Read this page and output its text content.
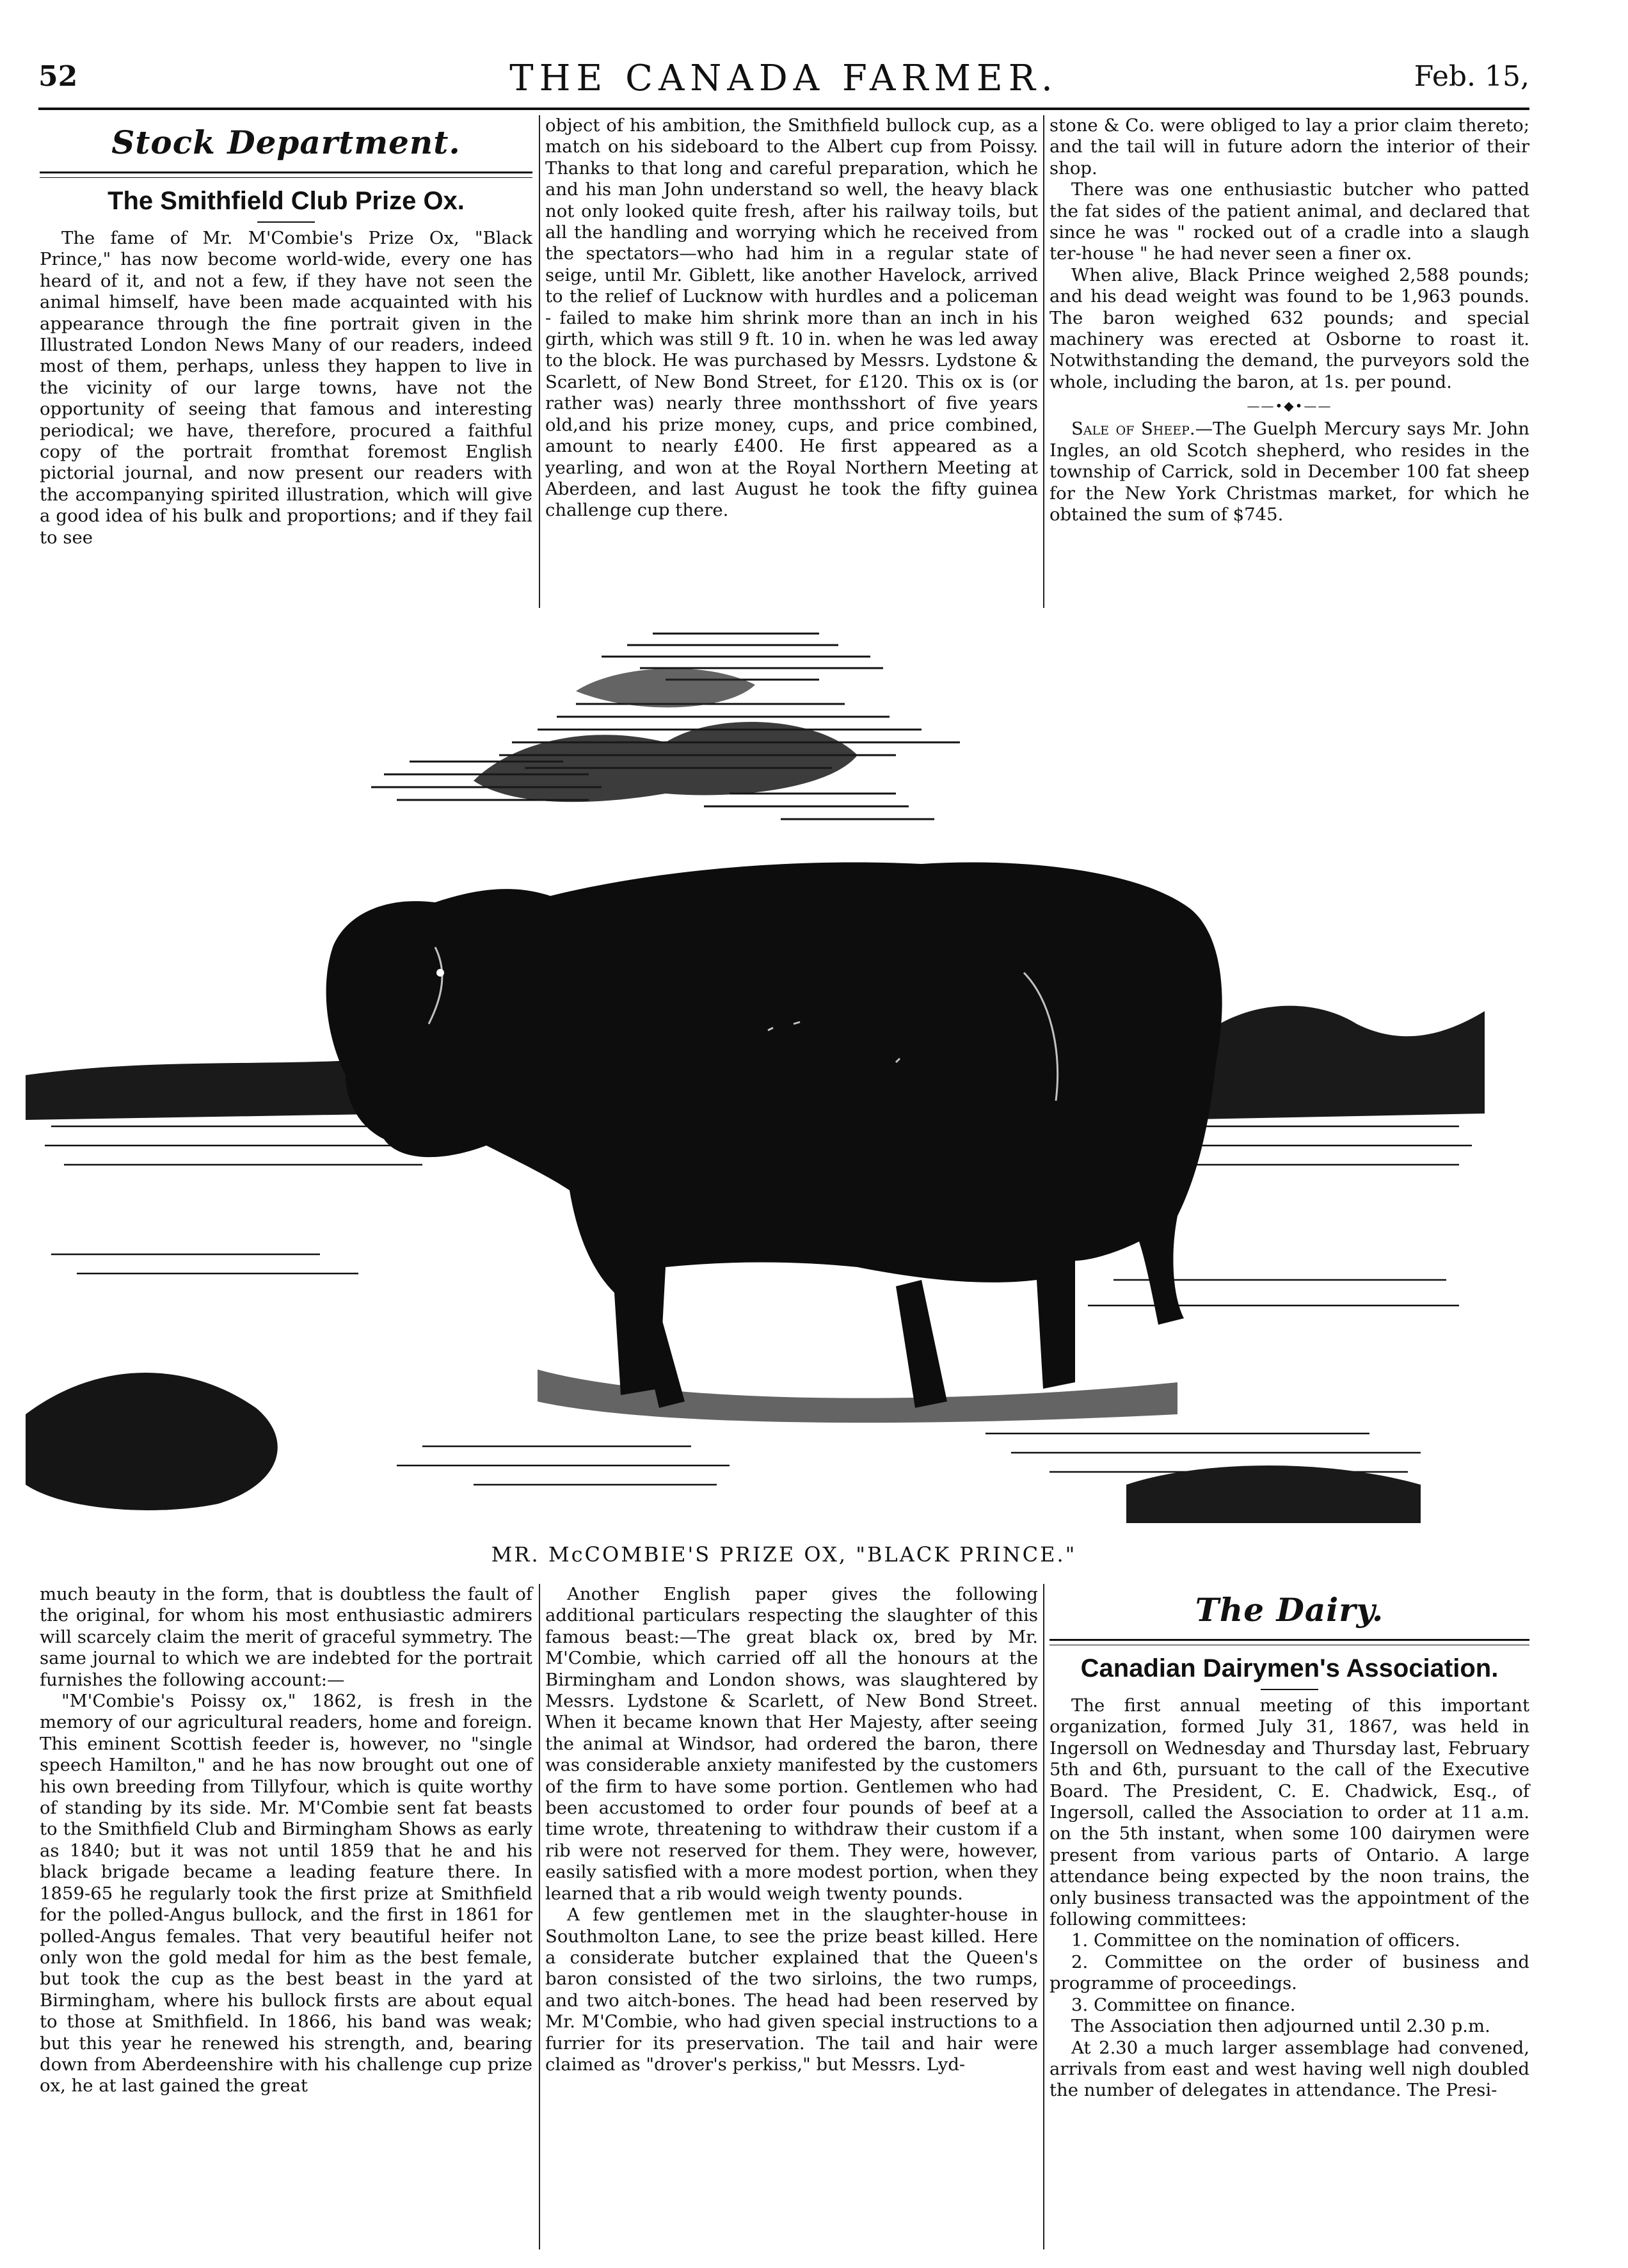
52	THE CANADA FARMER.	Feb. 15,
Stock Department.
The Smithfield Club Prize Ox.

The fame of Mr. M'Combie's Prize Ox, "Black Prince," has now become world-wide, every one has heard of it, and not a few, if they have not seen the animal himself, have been made acquainted with his appearance through the fine portrait given in the Illustrated London News Many of our readers, indeed most of them, perhaps, unless they happen to live in the vicinity of our large towns, have not the opportunity of seeing that famous and interesting periodical; we have, therefore, procured a faithful copy of the portrait fromthat foremost English pictorial journal, and now present our readers with the accompanying spirited illustration, which will give a good idea of his bulk and proportions; and if they fail to see

object of his ambition, the Smithfield bullock cup, as a match on his sideboard to the Albert cup from Poissy. Thanks to that long and careful preparation, which he and his man John understand so well, the heavy black not only looked quite fresh, after his railway toils, but all the handling and worrying which he received from the spectators—who had him in a regular state of seige, until Mr. Giblett, like another Havelock, arrived to the relief of Lucknow with hurdles and a policeman - failed to make him shrink more than an inch in his girth, which was still 9 ft. 10 in. when he was led away to the block. He was purchased by Messrs. Lydstone & Scarlett, of New Bond Street, for £120. This ox is (or rather was) nearly three monthsshort of five years old,and his prize money, cups, and price combined, amount to nearly £400. He first appeared as a yearling, and won at the Royal Northern Meeting at Aberdeen, and last August he took the fifty guinea challenge cup there.

stone & Co. were obliged to lay a prior claim thereto; and the tail will in future adorn the interior of their shop.

There was one enthusiastic butcher who patted the fat sides of the patient animal, and declared that since he was " rocked out of a cradle into a slaugh ter-house " he had never seen a finer ox.

When alive, Black Prince weighed 2,588 pounds; and his dead weight was found to be 1,963 pounds. The baron weighed 632 pounds; and special machinery was erected at Osborne to roast it. Notwithstanding the demand, the purveyors sold the whole, including the baron, at 1s. per pound.

——•◆•——

Sale of Sheep.—The Guelph Mercury says Mr. John Ingles, an old Scotch shepherd, who resides in the township of Carrick, sold in December 100 fat sheep for the New York Christmas market, for which he obtained the sum of $745.

MR. McCOMBIE'S PRIZE OX, "BLACK PRINCE."

much beauty in the form, that is doubtless the fault of the original, for whom his most enthusiastic admirers will scarcely claim the merit of graceful symmetry. The same journal to which we are indebted for the portrait furnishes the following account:—

"M'Combie's Poissy ox," 1862, is fresh in the memory of our agricultural readers, home and foreign. This eminent Scottish feeder is, however, no "single speech Hamilton," and he has now brought out one of his own breeding from Tillyfour, which is quite worthy of standing by its side. Mr. M'Combie sent fat beasts to the Smithfield Club and Birmingham Shows as early as 1840; but it was not until 1859 that he and his black brigade became a leading feature there. In 1859-65 he regularly took the first prize at Smithfield for the polled-Angus bullock, and the first in 1861 for polled-Angus females. That very beautiful heifer not only won the gold medal for him as the best female, but took the cup as the best beast in the yard at Birmingham, where his bullock firsts are about equal to those at Smithfield. In 1866, his band was weak; but this year he renewed his strength, and, bearing down from Aberdeenshire with his challenge cup prize ox, he at last gained the great

Another English paper gives the following additional particulars respecting the slaughter of this famous beast:—The great black ox, bred by Mr. M'Combie, which carried off all the honours at the Birmingham and London shows, was slaughtered by Messrs. Lydstone & Scarlett, of New Bond Street. When it became known that Her Majesty, after seeing the animal at Windsor, had ordered the baron, there was considerable anxiety manifested by the customers of the firm to have some portion. Gentlemen who had been accustomed to order four pounds of beef at a time wrote, threatening to withdraw their custom if a rib were not reserved for them. They were, however, easily satisfied with a more modest portion, when they learned that a rib would weigh twenty pounds.

A few gentlemen met in the slaughter-house in Southmolton Lane, to see the prize beast killed. Here a considerate butcher explained that the Queen's baron consisted of the two sirloins, the two rumps, and two aitch-bones. The head had been reserved by Mr. M'Combie, who had given special instructions to a furrier for its preservation. The tail and hair were claimed as "drover's perkiss," but Messrs. Lyd-

The Dairy.
Canadian Dairymen's Association.

The first annual meeting of this important organization, formed July 31, 1867, was held in Ingersoll on Wednesday and Thursday last, February 5th and 6th, pursuant to the call of the Executive Board. The President, C. E. Chadwick, Esq., of Ingersoll, called the Association to order at 11 a.m. on the 5th instant, when some 100 dairymen were present from various parts of Ontario. A large attendance being expected by the noon trains, the only business transacted was the appointment of the following committees:

1. Committee on the nomination of officers.

2. Committee on the order of business and programme of proceedings.

3. Committee on finance.

The Association then adjourned until 2.30 p.m.

At 2.30 a much larger assemblage had convened, arrivals from east and west having well nigh doubled the number of delegates in attendance. The Presi-
